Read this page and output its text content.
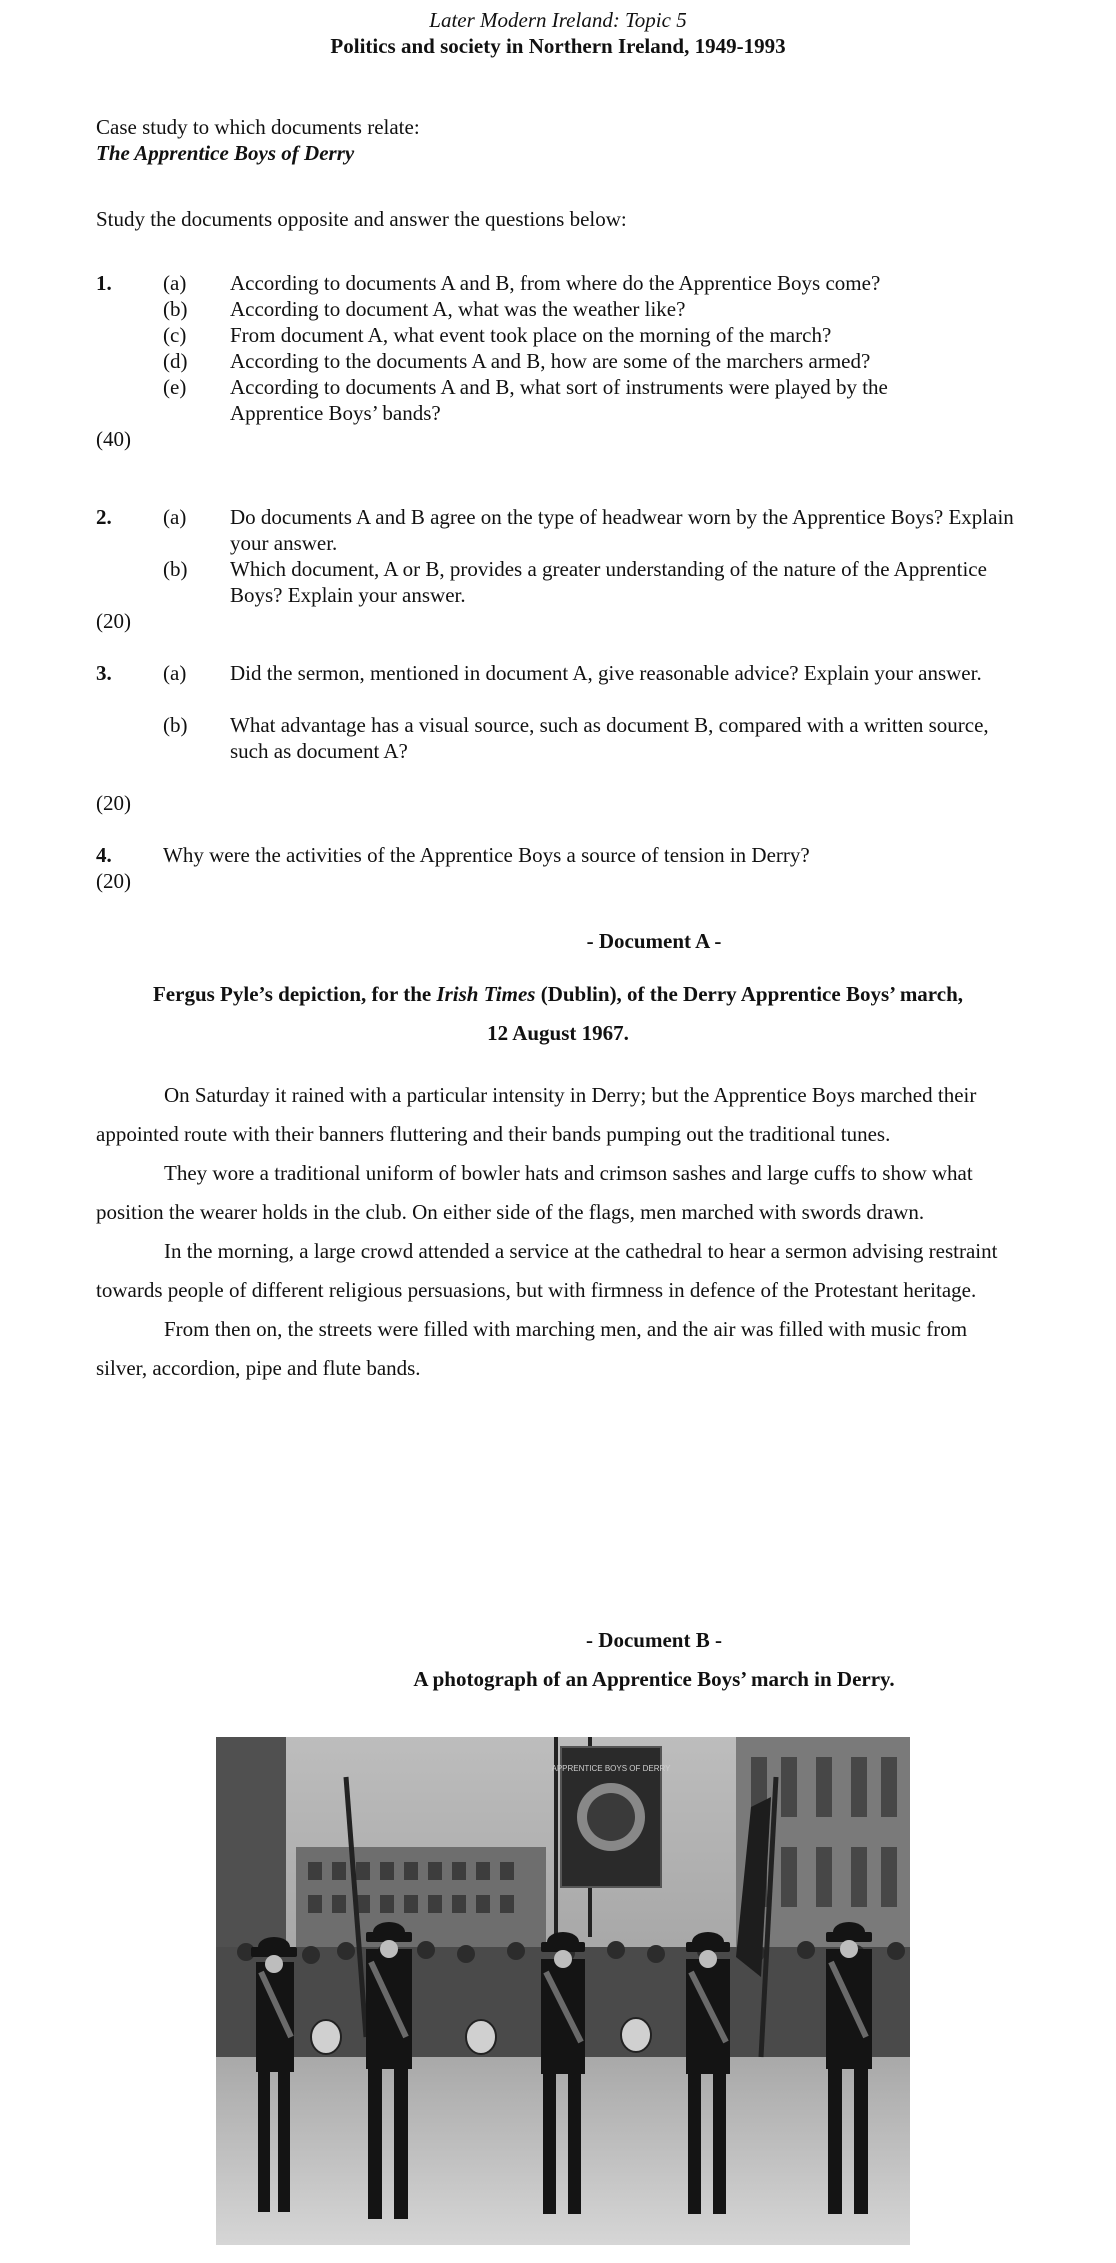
Later Modern Ireland: Topic 5
Politics and society in Northern Ireland, 1949-1993
Case study to which documents relate:
The Apprentice Boys of Derry
Study the documents opposite and answer the questions below:
1. (a) According to documents A and B, from where do the Apprentice Boys come?
(b) According to document A, what was the weather like?
(c) From document A, what event took place on the morning of the march?
(d) According to the documents A and B, how are some of the marchers armed?
(e) According to documents A and B, what sort of instruments were played by the Apprentice Boys’ bands?
(40)
2. (a) Do documents A and B agree on the type of headwear worn by the Apprentice Boys? Explain your answer.
(b) Which document, A or B, provides a greater understanding of the nature of the Apprentice Boys? Explain your answer.
(20)
3. (a) Did the sermon, mentioned in document A, give reasonable advice? Explain your answer.
(b) What advantage has a visual source, such as document B, compared with a written source, such as document A?
(20)
4. Why were the activities of the Apprentice Boys a source of tension in Derry?
(20)
- Document A -
Fergus Pyle’s depiction, for the Irish Times (Dublin), of the Derry Apprentice Boys’ march,
12 August 1967.
On Saturday it rained with a particular intensity in Derry; but the Apprentice Boys marched their appointed route with their banners fluttering and their bands pumping out the traditional tunes.
They wore a traditional uniform of bowler hats and crimson sashes and large cuffs to show what position the wearer holds in the club. On either side of the flags, men marched with swords drawn.
In the morning, a large crowd attended a service at the cathedral to hear a sermon advising restraint towards people of different religious persuasions, but with firmness in defence of the Protestant heritage.
From then on, the streets were filled with marching men, and the air was filled with music from silver, accordion, pipe and flute bands.
- Document B -
A photograph of an Apprentice Boys’ march in Derry.
APPRENTICE BOYS OF DERRY
